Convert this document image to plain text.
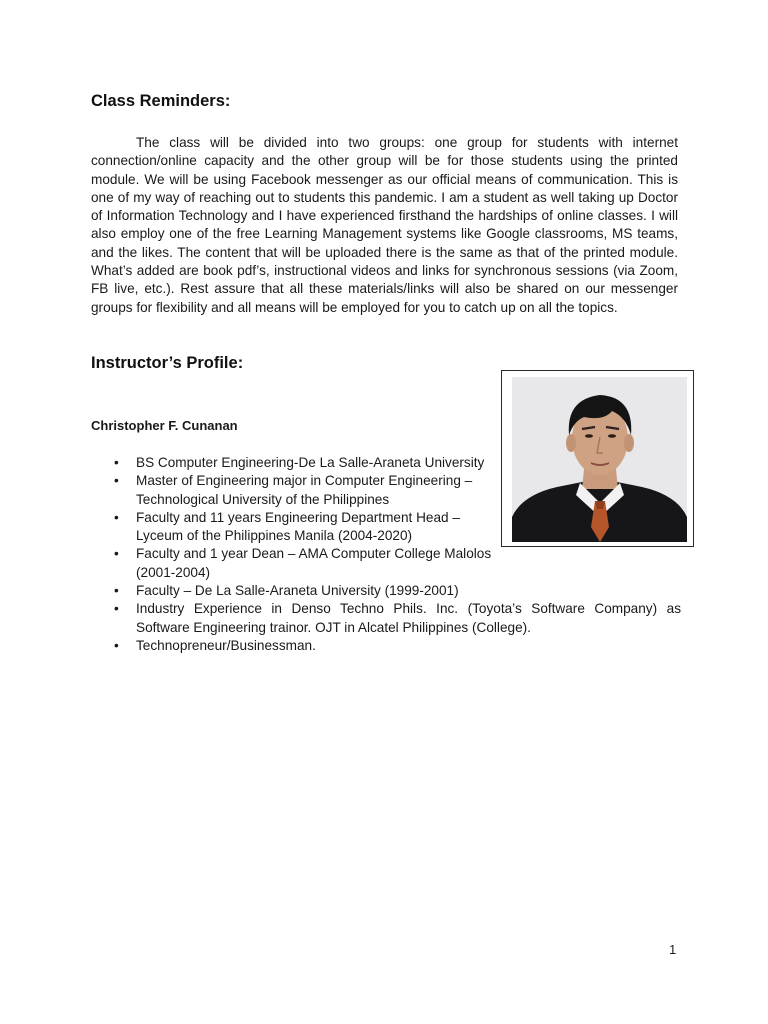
Class Reminders:

The class will be divided into two groups: one group for students with internet connection/online capacity and the other group will be for those students using the printed module. We will be using Facebook messenger as our official means of communication. This is one of my way of reaching out to students this pandemic. I am a student as well taking up Doctor of Information Technology and I have experienced firsthand the hardships of online classes. I will also employ one of the free Learning Management systems like Google classrooms, MS teams, and the likes. The content that will be uploaded there is the same as that of the printed module. What’s added are book pdf’s, instructional videos and links for synchronous sessions (via Zoom, FB live, etc.). Rest assure that all these materials/links will also be shared on our messenger groups for flexibility and all means will be employed for you to catch up on all the topics.

Instructor’s Profile:

Christopher F. Cunanan

• BS Computer Engineering-De La Salle-Araneta University
• Master of Engineering major in Computer Engineering – Technological University of the Philippines
• Faculty and 11 years Engineering Department Head – Lyceum of the Philippines Manila (2004-2020)
• Faculty and 1 year Dean – AMA Computer College Malolos (2001-2004)
• Faculty – De La Salle-Araneta University (1999-2001)
• Industry Experience in Denso Techno Phils. Inc. (Toyota’s Software Company) as Software Engineering trainor. OJT in Alcatel Philippines (College).
• Technopreneur/Businessman.
1
